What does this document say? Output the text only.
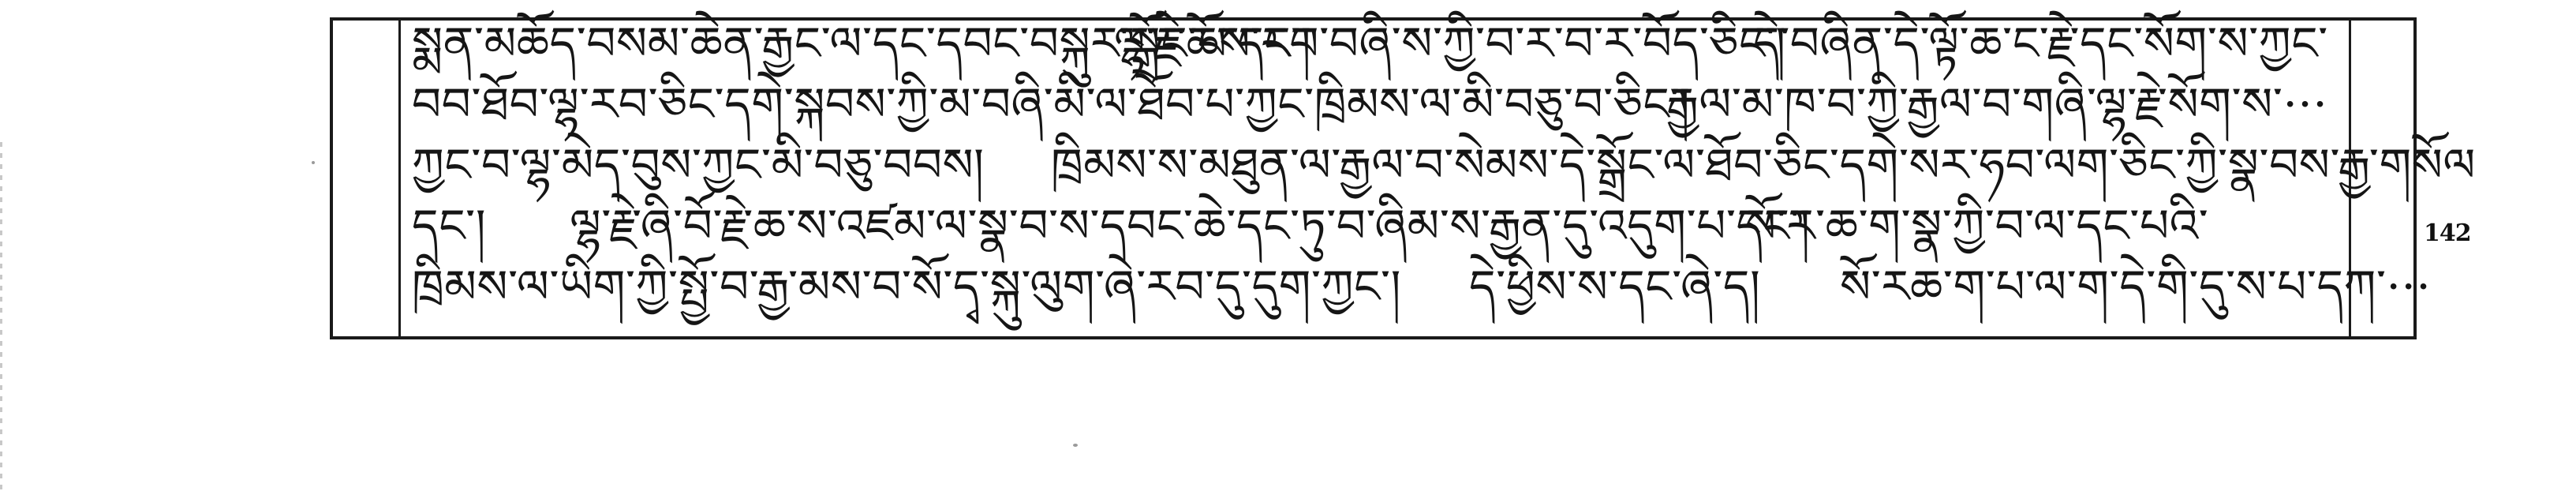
སྨན་མཆོད་བསམ་ཆེན་རྒྱང་ལ་དང་དབང་བསྐུར་སྒྲོང་པ་དང་།
ལྷ་རྗེ་ཆོས་རབ་བཞི་ས་ཀྱི་བ་ར་བ་ར་བོད་ཅིང་།
དེ་བཞིན་དེ་ལྟོ་ཆ་ང་རྗེ་དང་སོག་ས་ཀྱང་
བབ་ཐོབ་ལྷ་རབ་ཅིང་དགེ་སྐབས་ཀྱི་མ་བཞི་མི་ལ་ཐོབ་པ་ཀྱང་ཁྲིམས་ལ་མི་བཅུ་བ་ཅིང་།
རྒྱལ་མ་ཁ་བ་ཀྱི་རྒྱལ་བ་གཞི་ལྷ་རྗེ་སོག་ས་···
ཀྱང་བ་ལྷ་མེད་བུས་ཀྱང་མི་བཅུ་བབས། ཁྲིམས་ས་མཐུན་ལ་རྒྱལ་བ་སེམས་དེ་སྒྲོང་ལ་ཐོབ་ཅིང་དགེ་སར་ཧབ་ལག་ཅིང་ཀྱི་སྣ་བས་རྒྱ་གསོལ
དང་། ལྷ་རྗེ་ཞི་བོ་རྗེ་ཆ་ས་འཛམ་ལ་སྣ་བ་ས་དབང་ཆེ་དང་ཏུ་བ་ཞིམ་ས་རྒྱན་དུ་འདུག་པ་དང་།
སོ་ར་ཆ་ག་སྣ་ཀྱི་བ་ལ་དང་པའི་
ཁྲིམས་ལ་ཡིག་ཀྱི་སྤྱོ་བ་རྒྱ་མས་བ་སོ་དྭ་སྐུ་ལུག་ཞེ་རབ་དུ་དུག་ཀྱང་། དེ་ཕྱིས་ས་དང་ཞེ་ད། སོ་རཆ་ག་པ་ལ་ག་དེ་གི་དུ་ས་པ་དཀ་···
142
